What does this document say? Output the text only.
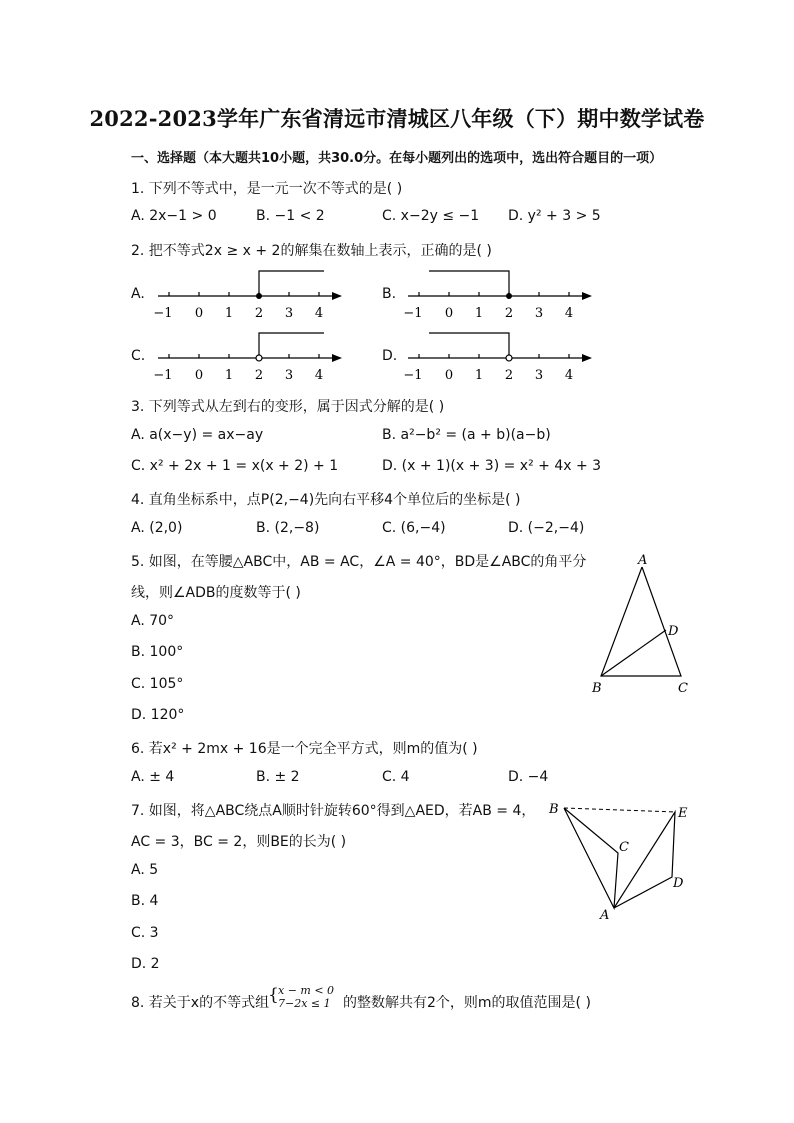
2022-2023学年广东省清远市清城区八年级（下）期中数学试卷
一、选择题（本大题共10小题，共30.0分。在每小题列出的选项中，选出符合题目的一项）
1. 下列不等式中，是一元一次不等式的是( )
A. 2x−1 > 0	B. −1 < 2	C. x−2y ≤ −1 D. y² + 3 > 5
2. 把不等式2x ≥ x + 2的解集在数轴上表示，正确的是( )
A.	B.
C.	D.
−1 0 1 2 3 4	−1 0 1 2 3 4
−1 0 1 2 3 4	−1 0 1 2 3 4
3. 下列等式从左到右的变形，属于因式分解的是( )
A. a(x−y) = ax−ay	B. a²−b² = (a + b)(a−b)
C. x² + 2x + 1 = x(x + 2) + 1	D. (x + 1)(x + 3) = x² + 4x + 3
4. 直角坐标系中，点P(2,−4)先向右平移4个单位后的坐标是( )
A. (2,0)	B. (2,−8)	C. (6,−4)	D. (−2,−4)
5. 如图，在等腰△ABC中，AB = AC，∠A = 40°，BD是∠ABC的角平分
线，则∠ADB的度数等于( )
A. 70°
B. 100°
C. 105°
D. 120°
A
B	C
D
6. 若x² + 2mx + 16是一个完全平方式，则m的值为( )
A. ± 4	B. ± 2	C. 4	D. −4
7. 如图，将△ABC绕点A顺时针旋转60°得到△AED，若AB = 4，
AC = 3，BC = 2，则BE的长为( )
A. 5
B. 4
C. 3
D. 2
B
C
A
E
D
8. 若关于x的不等式组
{ x − m < 0
7−2x ≤ 1 的整数解共有2个，则m的取值范围是( )
